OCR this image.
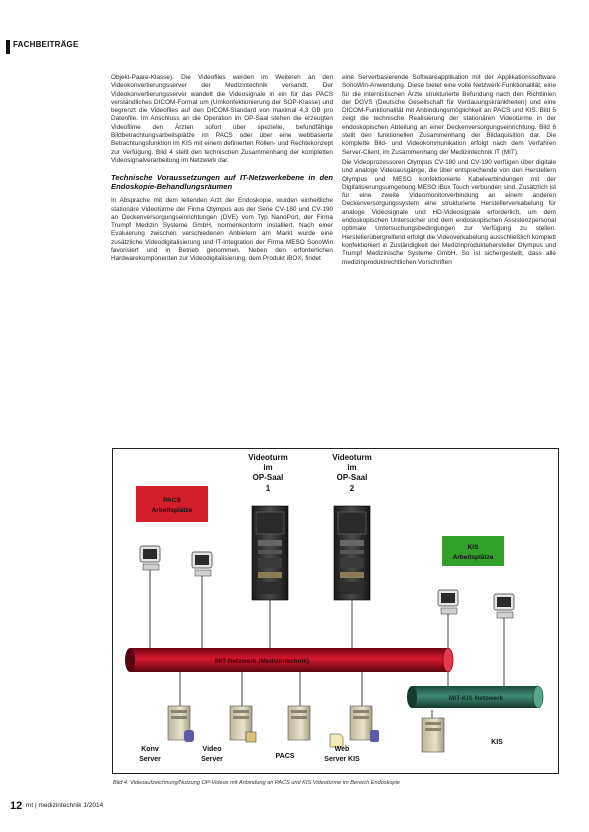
FACHBEITRÄGE

Objekt-Paare-Klasse). Die Videofiles werden im Weiteren an den Videokonvertierungsserver der Medizintechnik versandt. Der Videokonvertierungsserver wandelt die Videosignale in ein für das PACS verständliches DICOM-Format um (Umkonfektionierung der SOP-Klasse) und begrenzt die Videofiles auf den DICOM-Standard von maximal 4,3 GB pro Datenfile. Im Anschluss an die Operation im OP-Saal stehen die erzeugten Videofilme den Ärzten sofort über spezielle, befundfähige Bildbetrachtungsarbeitsplätze im PACS oder über eine webbasierte Betrachtungsfunktion im KIS mit einem definierten Rollen- und Rechtekonzept zur Verfügung. Bild 4 stellt den technischen Zusammenhang der kompletten Videosignalverarbeitung im Netzwerk dar.

Technische Voraussetzungen auf IT-Netzwerkebene in den Endoskopie-Behandlungsräumen

In Absprache mit dem leitenden Arzt der Endoskopie, wurden einheitliche stationäre Videotürme der Firma Olympus aus der Serie CV-180 und CV-190 an Deckenversorgungseinrichtungen (DVE) vom Typ NanoPort, der Firma Trumpf Medizin Systeme GmbH, normenkonform installiert. Nach einer Evaluierung zwischen verschiedenen Anbietern am Markt wurde eine zusätzliche Videodigitalisierung und IT-Integration der Firma MESO SonoWin favorisiert und in Betrieb genommen. Neben den erforderlichen Hardwarekomponenten zur Videodigitalisierung, dem Produkt iBOX, findet

eine Serverbasierende Softwareapplikation mit der Applikationssoftware SonoWin-Anwendung. Diese bietet eine volle Netzwerk-Funktionalität, eine für die internistischen Ärzte strukturierte Befundung nach den Richtlinien der DGVS (Deutsche Gesellschaft für Verdauungskrankheiten) und eine DICOM-Funktionalität mit Anbindungsmöglichkeit an PACS und KIS. Bild 5 zeigt die technische Realisierung der stationären Videotürme in der endoskopischen Abteilung an einer Deckenversorgungseinrichtung. Bild 6 stellt den funktionellen Zusammenhang der Bildaquisition dar. Die komplette Bild- und Videokommunikation erfolgt nach dem Verfahren Server-Client, im Zusammenhang der Medizintechnik IT (MIT).

Die Videoprozessoren Olympus CV-180 und CV-190 verfügen über digitale und analoge Videoausgänge, die über entsprechende von den Herstellern Olympus und MESO konfektionierte Kabelverbindungen mit der Digitalisierungsumgebung MESO iBox Touch verbunden sind. Zusätzlich ist für eine zweite Videomonitorverbindung an einem anderen Deckenversorgungssystem eine strukturierte Herstellerverkabelung für analoge Videosignale und HD-Videosignale erforderlich, um dem endoskopischen Untersucher und dem endoskopischen Assistenzpersonal optimale Untersuchungsbedingungen zur Verfügung zu stellen. Herstellerübergreifend erfolgt die Videoverkabelung ausschließlich komplett konfektioniert in Zuständigkeit der Medizinproduktehersteller Olympus und Trumpf Medizinische Systeme GmbH. So ist sichergestellt, dass alle medizinproduktrechtlichen Vorschriften

Videoturm
im
OP-Saal
1
Videoturm
im
OP-Saal
2
PACS
Arbeitsplätze
KIS
Arbeitsplätze
MIT-Netzwerk (Medizintechnik)
MIT-KIS Netzwerk
Konv
Server
Video
Server	PACS
Web
Server KIS
KIS
Bild 4: Videoaufzeichnung/Nutzung OP-Videos mit Anbindung an PACS und KIS Videotürme im Bereich Endoskopie
12 mt | medizintechnik 1/2014
